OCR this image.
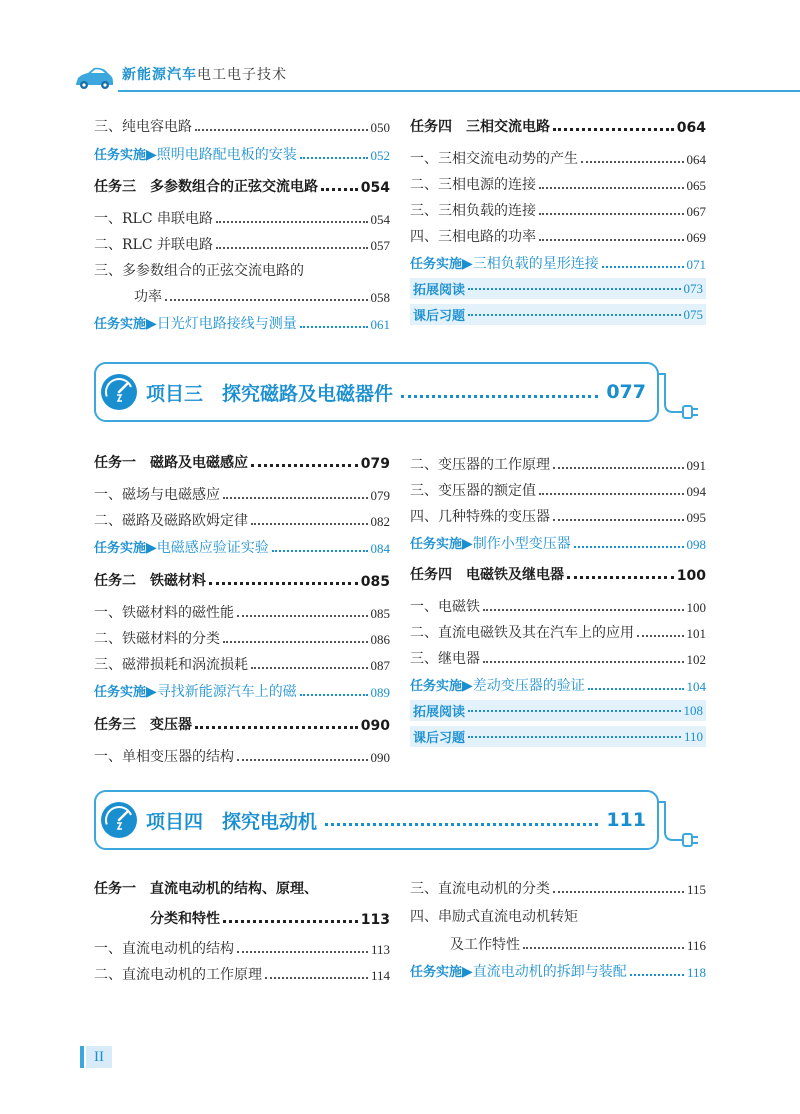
新能源汽车电工电子技术
三、纯电容电路	050
任务实施▶照明电路配电板的安装	052
任务三　多参数组合的正弦交流电路	054
一、RLC 串联电路	054
二、RLC 并联电路	057
三、多参数组合的正弦交流电路的
功率	058
任务实施▶日光灯电路接线与测量	061
任务四　三相交流电路	064
一、三相交流电动势的产生	064
二、三相电源的连接	065
三、三相负载的连接	067
四、三相电路的功率	069
任务实施▶三相负载的星形连接	071
拓展阅读	073
课后习题	075
项目三　探究磁路及电磁器件	077
任务一　磁路及电磁感应	079
一、磁场与电磁感应	079
二、磁路及磁路欧姆定律	082
任务实施▶电磁感应验证实验	084
任务二　铁磁材料	085
一、铁磁材料的磁性能	085
二、铁磁材料的分类	086
三、磁滞损耗和涡流损耗	087
任务实施▶寻找新能源汽车上的磁	089
任务三　变压器	090
一、单相变压器的结构	090
二、变压器的工作原理	091
三、变压器的额定值	094
四、几种特殊的变压器	095
任务实施▶制作小型变压器	098
任务四　电磁铁及继电器	100
一、电磁铁	100
二、直流电磁铁及其在汽车上的应用	101
三、继电器	102
任务实施▶差动变压器的验证	104
拓展阅读	108
课后习题	110
项目四　探究电动机	111
任务一　直流电动机的结构、原理、
分类和特性	113
一、直流电动机的结构	113
二、直流电动机的工作原理	114
三、直流电动机的分类	115
四、串励式直流电动机转矩
及工作特性	116
任务实施▶直流电动机的拆卸与装配	118
II
